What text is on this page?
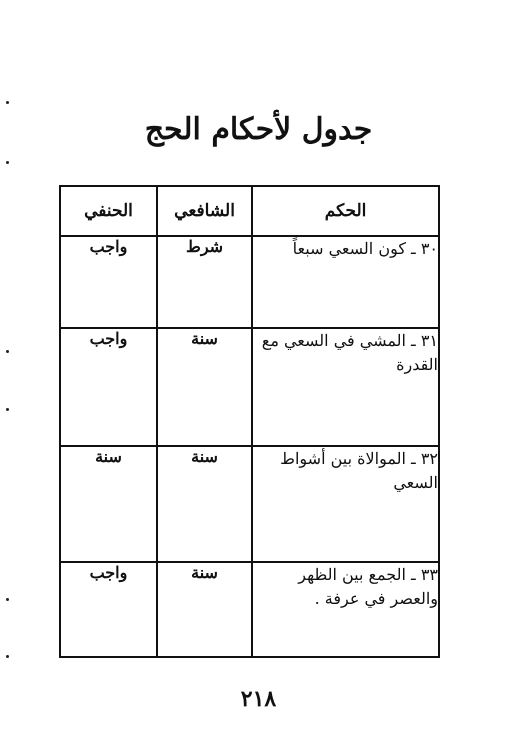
جدول لأحكام الحج
الحكم	الشافعي	الحنفي
٣٠ ـ كون السعي سبعاً	شرط	واجب
٣١ ـ المشي في السعي مع القدرة	سنة	واجب
٣٢ ـ الموالاة بين أشواط السعي	سنة	سنة
٣٣ ـ الجمع بين الظهر والعصر في عرفة .	سنة	واجب
٢١٨
